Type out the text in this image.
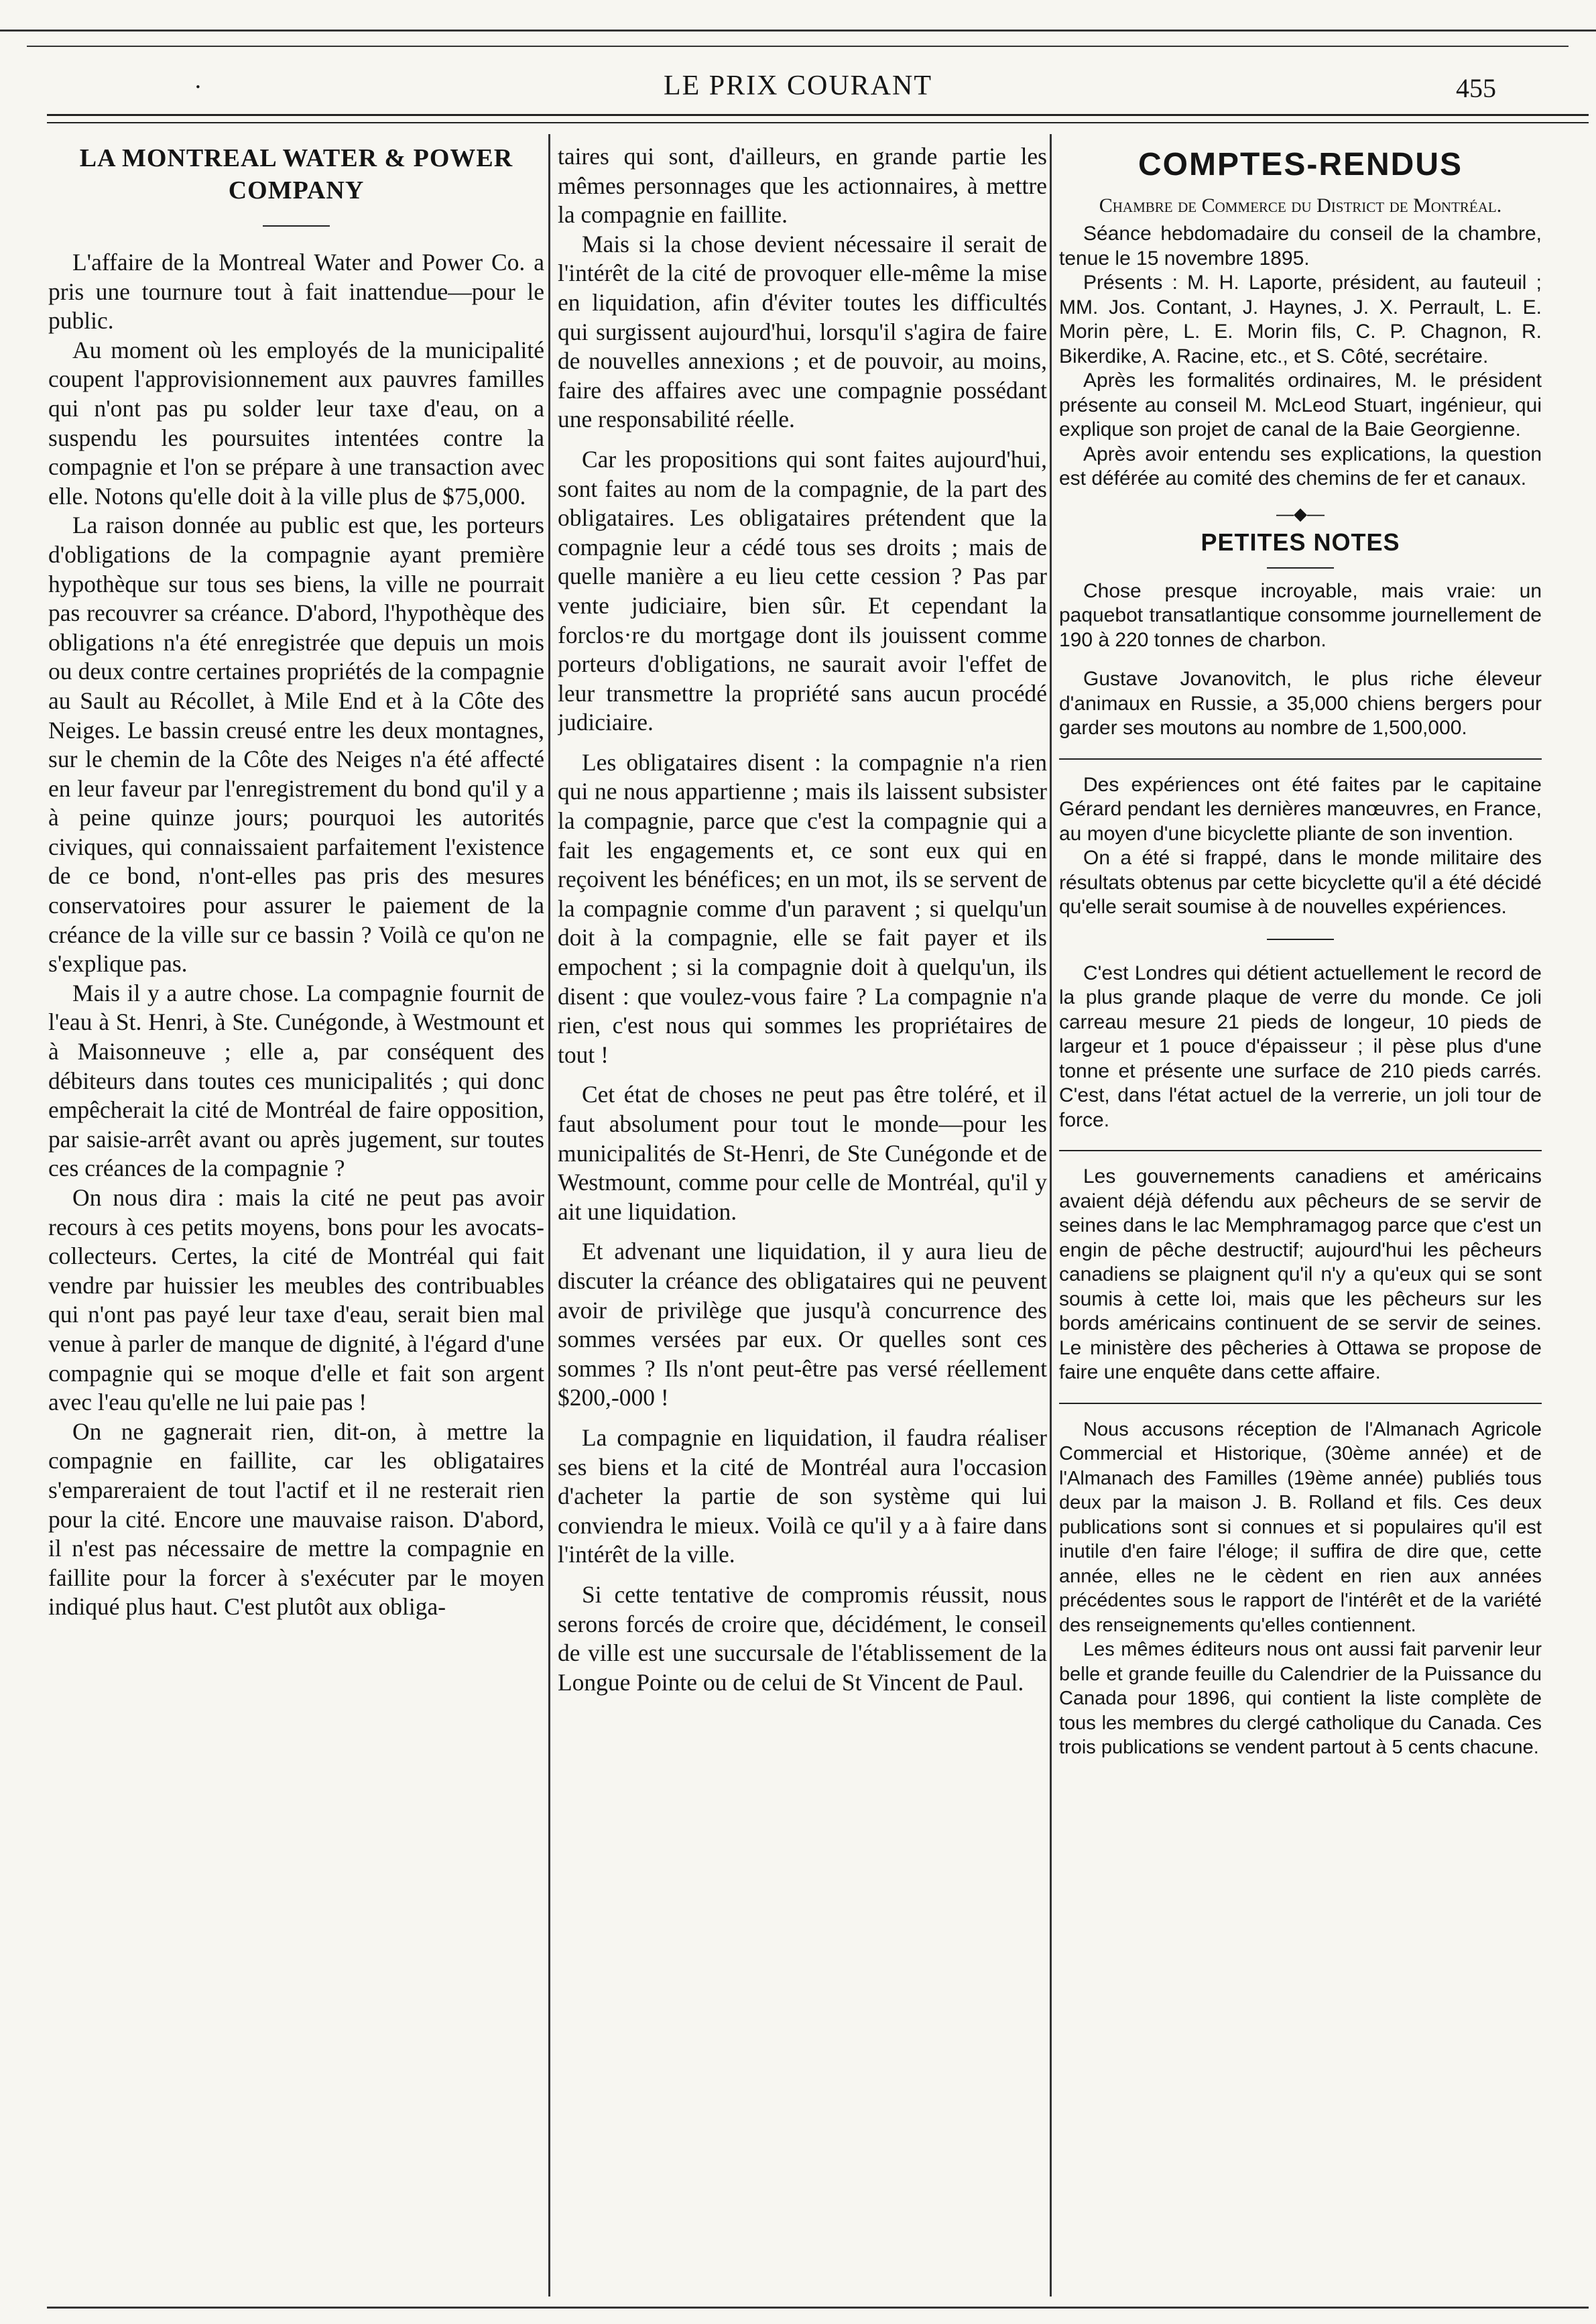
·	LE PRIX COURANT	455
LA MONTREAL WATER & POWER COMPANY

L'affaire de la Montreal Water and Power Co. a pris une tournure tout à fait inattendue—pour le public.

Au moment où les employés de la municipalité coupent l'approvisionnement aux pauvres familles qui n'ont pas pu solder leur taxe d'eau, on a suspendu les poursuites intentées contre la compagnie et l'on se prépare à une transaction avec elle. Notons qu'elle doit à la ville plus de $75,000.

La raison donnée au public est que, les porteurs d'obligations de la compagnie ayant première hypothèque sur tous ses biens, la ville ne pourrait pas recouvrer sa créance. D'abord, l'hypothèque des obligations n'a été enregistrée que depuis un mois ou deux contre certaines propriétés de la compagnie au Sault au Récollet, à Mile End et à la Côte des Neiges. Le bassin creusé entre les deux montagnes, sur le chemin de la Côte des Neiges n'a été affecté en leur faveur par l'enregistrement du bond qu'il y a à peine quinze jours; pourquoi les autorités civiques, qui connaissaient parfaitement l'existence de ce bond, n'ont-elles pas pris des mesures conservatoires pour assurer le paiement de la créance de la ville sur ce bassin ? Voilà ce qu'on ne s'explique pas.

Mais il y a autre chose. La compagnie fournit de l'eau à St. Henri, à Ste. Cunégonde, à Westmount et à Maisonneuve ; elle a, par conséquent des débiteurs dans toutes ces municipalités ; qui donc empêcherait la cité de Montréal de faire opposition, par saisie-arrêt avant ou après jugement, sur toutes ces créances de la compagnie ?

On nous dira : mais la cité ne peut pas avoir recours à ces petits moyens, bons pour les avocats-collecteurs. Certes, la cité de Montréal qui fait vendre par huissier les meubles des contribuables qui n'ont pas payé leur taxe d'eau, serait bien mal venue à parler de manque de dignité, à l'égard d'une compagnie qui se moque d'elle et fait son argent avec l'eau qu'elle ne lui paie pas !

On ne gagnerait rien, dit-on, à mettre la compagnie en faillite, car les obligataires s'empareraient de tout l'actif et il ne resterait rien pour la cité. Encore une mauvaise raison. D'abord, il n'est pas nécessaire de mettre la compagnie en faillite pour la forcer à s'exécuter par le moyen indiqué plus haut. C'est plutôt aux obliga-

taires qui sont, d'ailleurs, en grande partie les mêmes personnages que les actionnaires, à mettre la compagnie en faillite.

Mais si la chose devient nécessaire il serait de l'intérêt de la cité de provoquer elle-même la mise en liquidation, afin d'éviter toutes les difficultés qui surgissent aujourd'hui, lorsqu'il s'agira de faire de nouvelles annexions ; et de pouvoir, au moins, faire des affaires avec une compagnie possédant une responsabilité réelle.

Car les propositions qui sont faites aujourd'hui, sont faites au nom de la compagnie, de la part des obligataires. Les obligataires prétendent que la compagnie leur a cédé tous ses droits ; mais de quelle manière a eu lieu cette cession ? Pas par vente judiciaire, bien sûr. Et cependant la forclos·re du mortgage dont ils jouissent comme porteurs d'obligations, ne saurait avoir l'effet de leur transmettre la propriété sans aucun procédé judiciaire.

Les obligataires disent : la compagnie n'a rien qui ne nous appartienne ; mais ils laissent subsister la compagnie, parce que c'est la compagnie qui a fait les engagements et, ce sont eux qui en reçoivent les bénéfices; en un mot, ils se servent de la compagnie comme d'un paravent ; si quelqu'un doit à la compagnie, elle se fait payer et ils empochent ; si la compagnie doit à quelqu'un, ils disent : que voulez-vous faire ? La compagnie n'a rien, c'est nous qui sommes les propriétaires de tout !

Cet état de choses ne peut pas être toléré, et il faut absolument pour tout le monde—pour les municipalités de St-Henri, de Ste Cunégonde et de Westmount, comme pour celle de Montréal, qu'il y ait une liquidation.

Et advenant une liquidation, il y aura lieu de discuter la créance des obligataires qui ne peuvent avoir de privilège que jusqu'à concurrence des sommes versées par eux. Or quelles sont ces sommes ? Ils n'ont peut-être pas versé réellement $200,-000 !

La compagnie en liquidation, il faudra réaliser ses biens et la cité de Montréal aura l'occasion d'acheter la partie de son système qui lui conviendra le mieux. Voilà ce qu'il y a à faire dans l'intérêt de la ville.

Si cette tentative de compromis réussit, nous serons forcés de croire que, décidément, le conseil de ville est une succursale de l'établissement de la Longue Pointe ou de celui de St Vincent de Paul.

COMPTES-RENDUS
Chambre de Commerce du District de Montréal.

Séance hebdomadaire du conseil de la chambre, tenue le 15 novembre 1895.

Présents : M. H. Laporte, président, au fauteuil ; MM. Jos. Contant, J. Haynes, J. X. Perrault, L. E. Morin père, L. E. Morin fils, C. P. Chagnon, R. Bikerdike, A. Racine, etc., et S. Côté, secrétaire.

Après les formalités ordinaires, M. le président présente au conseil M. McLeod Stuart, ingénieur, qui explique son projet de canal de la Baie Georgienne.

Après avoir entendu ses explications, la question est déférée au comité des chemins de fer et canaux.

—◆—
PETITES NOTES

Chose presque incroyable, mais vraie: un paquebot transatlantique consomme journellement de 190 à 220 tonnes de charbon.

Gustave Jovanovitch, le plus riche éleveur d'animaux en Russie, a 35,000 chiens bergers pour garder ses moutons au nombre de 1,500,000.

Des expériences ont été faites par le capitaine Gérard pendant les dernières manœuvres, en France, au moyen d'une bicyclette pliante de son invention.

On a été si frappé, dans le monde militaire des résultats obtenus par cette bicyclette qu'il a été décidé qu'elle serait soumise à de nouvelles expériences.

C'est Londres qui détient actuellement le record de la plus grande plaque de verre du monde. Ce joli carreau mesure 21 pieds de longeur, 10 pieds de largeur et 1 pouce d'épaisseur ; il pèse plus d'une tonne et présente une surface de 210 pieds carrés. C'est, dans l'état actuel de la verrerie, un joli tour de force.

Les gouvernements canadiens et américains avaient déjà défendu aux pêcheurs de se servir de seines dans le lac Memphramagog parce que c'est un engin de pêche destructif; aujourd'hui les pêcheurs canadiens se plaignent qu'il n'y a qu'eux qui se sont soumis à cette loi, mais que les pêcheurs sur les bords américains continuent de se servir de seines. Le ministère des pêcheries à Ottawa se propose de faire une enquête dans cette affaire.

Nous accusons réception de l'Almanach Agricole Commercial et Historique, (30ème année) et de l'Almanach des Familles (19ème année) publiés tous deux par la maison J. B. Rolland et fils. Ces deux publications sont si connues et si populaires qu'il est inutile d'en faire l'éloge; il suffira de dire que, cette année, elles ne le cèdent en rien aux années précédentes sous le rapport de l'intérêt et de la variété des renseignements qu'elles contiennent.

Les mêmes éditeurs nous ont aussi fait parvenir leur belle et grande feuille du Calendrier de la Puissance du Canada pour 1896, qui contient la liste complète de tous les membres du clergé catholique du Canada. Ces trois publications se vendent partout à 5 cents chacune.
